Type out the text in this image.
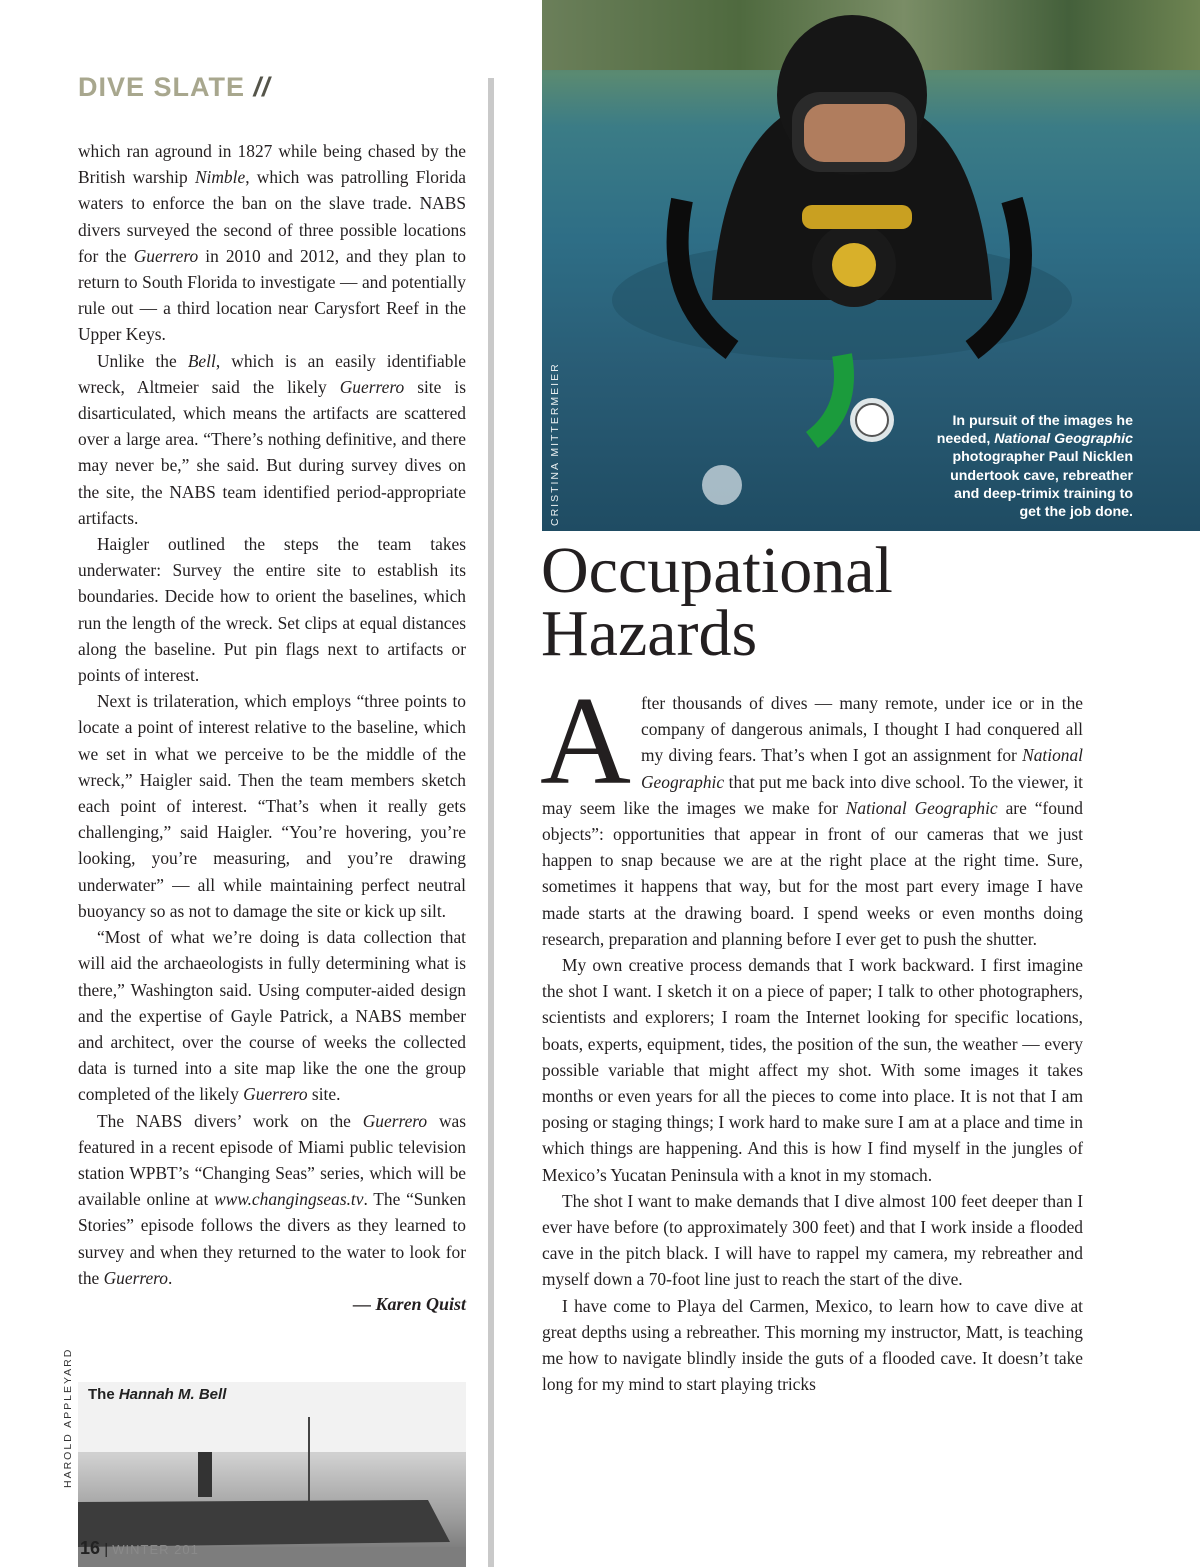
DIVE SLATE //

which ran aground in 1827 while being chased by the British warship Nimble, which was patrolling Florida waters to enforce the ban on the slave trade. NABS divers surveyed the second of three possible locations for the Guerrero in 2010 and 2012, and they plan to return to South Florida to investigate — and potentially rule out — a third location near Carysfort Reef in the Upper Keys.

Unlike the Bell, which is an easily identifiable wreck, Altmeier said the likely Guerrero site is disarticulated, which means the artifacts are scattered over a large area. “There’s nothing definitive, and there may never be,” she said. But during survey dives on the site, the NABS team identified period-appropriate artifacts.

Haigler outlined the steps the team takes underwater: Survey the entire site to establish its boundaries. Decide how to orient the baselines, which run the length of the wreck. Set clips at equal distances along the baseline. Put pin flags next to artifacts or points of interest.

Next is trilateration, which employs “three points to locate a point of interest relative to the baseline, which we set in what we perceive to be the middle of the wreck,” Haigler said. Then the team members sketch each point of interest. “That’s when it really gets challenging,” said Haigler. “You’re hovering, you’re looking, you’re measuring, and you’re drawing underwater” — all while maintaining perfect neutral buoyancy so as not to damage the site or kick up silt.

“Most of what we’re doing is data collection that will aid the archaeologists in fully determining what is there,” Washington said. Using computer-aided design and the expertise of Gayle Patrick, a NABS member and architect, over the course of weeks the collected data is turned into a site map like the one the group completed of the likely Guerrero site.

The NABS divers’ work on the Guerrero was featured in a recent episode of Miami public television station WPBT’s “Changing Seas” series, which will be available online at www.changingseas.tv. The “Sunken Stories” episode follows the divers as they learned to survey and when they returned to the water to look for the Guerrero.

— Karen Quist

CRISTINA MITTERMEIER	In pursuit of the images he needed, National Geographic photographer Paul Nicklen undertook cave, rebreather and deep-trimix training to get the job done.
Occupational
Hazards

After thousands of dives — many remote, under ice or in the company of dangerous animals, I thought I had conquered all my diving fears. That’s when I got an assignment for National Geographic that put me back into dive school. To the viewer, it may seem like the images we make for National Geographic are “found objects”: opportunities that appear in front of our cameras that we just happen to snap because we are at the right place at the right time. Sure, sometimes it happens that way, but for the most part every image I have made starts at the drawing board. I spend weeks or even months doing research, preparation and planning before I ever get to push the shutter.

My own creative process demands that I work backward. I first imagine the shot I want. I sketch it on a piece of paper; I talk to other photographers, scientists and explorers; I roam the Internet looking for specific locations, boats, experts, equipment, tides, the position of the sun, the weather — every possible variable that might affect my shot. With some images it takes months or even years for all the pieces to come into place. It is not that I am posing or staging things; I work hard to make sure I am at a place and time in which things are happening. And this is how I find myself in the jungles of Mexico’s Yucatan Peninsula with a knot in my stomach.

The shot I want to make demands that I dive almost 100 feet deeper than I ever have before (to approximately 300 feet) and that I work inside a flooded cave in the pitch black. I will have to rappel my camera, my rebreather and myself down a 70-foot line just to reach the start of the dive.

I have come to Playa del Carmen, Mexico, to learn how to cave dive at great depths using a rebreather. This morning my instructor, Matt, is teaching me how to navigate blindly inside the guts of a flooded cave. It doesn’t take long for my mind to start playing tricks

The Hannah M. Bell
HAROLD APPLEYARD
16 | WINTER 201
